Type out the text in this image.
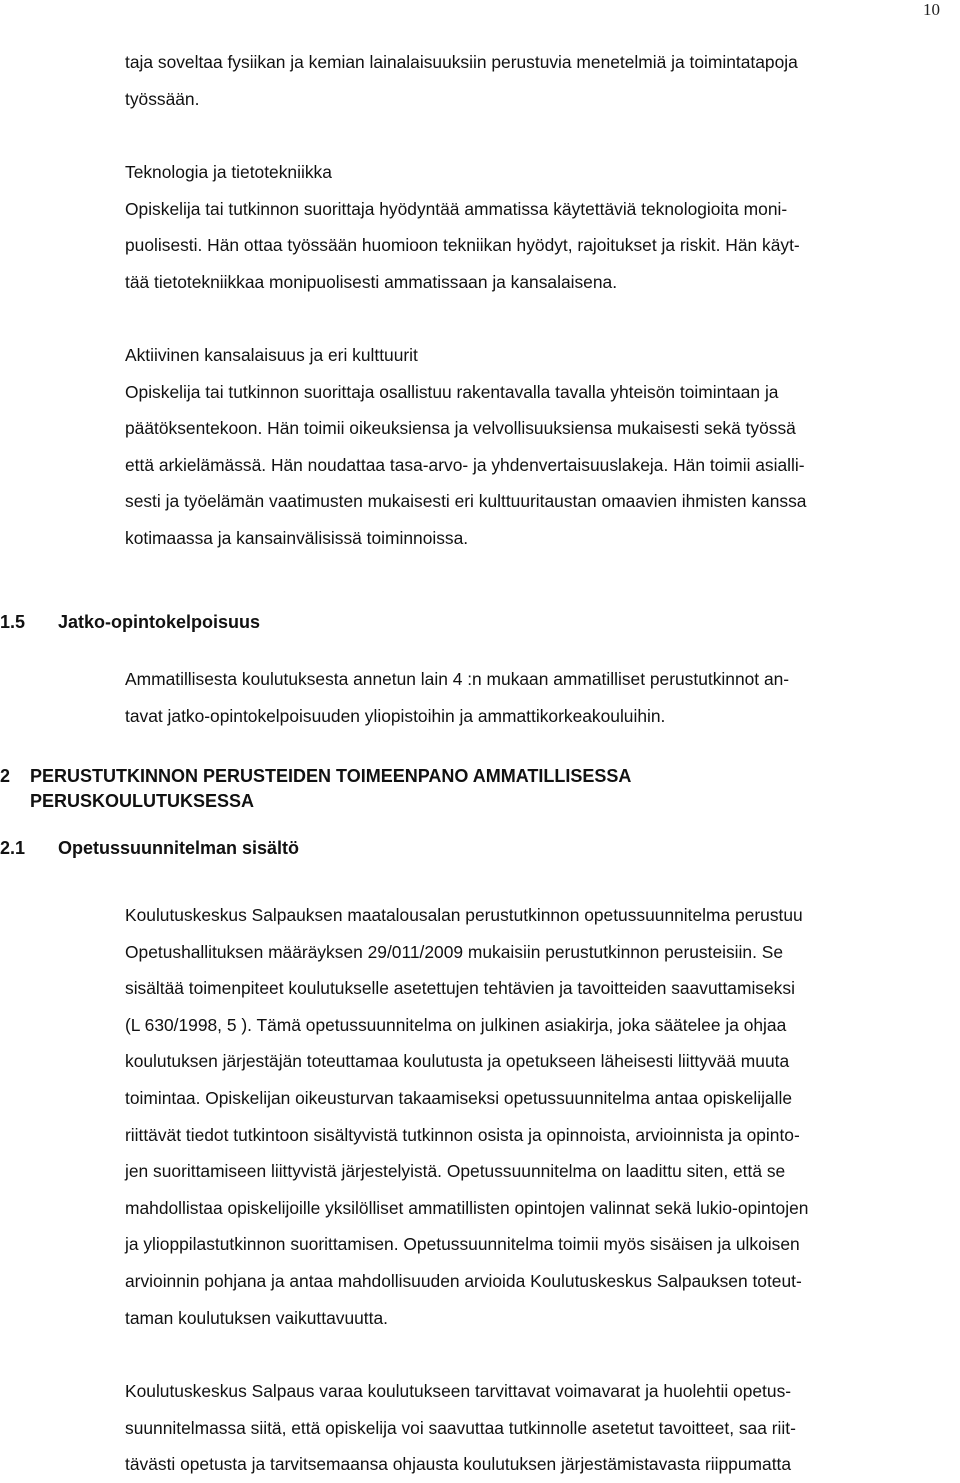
10
taja soveltaa fysiikan ja kemian lainalaisuuksiin perustuvia menetelmiä ja toimintatapoja
työssään.
Teknologia ja tietotekniikka
Opiskelija tai tutkinnon suorittaja hyödyntää ammatissa käytettäviä teknologioita moni-
puolisesti. Hän ottaa työssään huomioon tekniikan hyödyt, rajoitukset ja riskit. Hän käyt-
tää tietotekniikkaa monipuolisesti ammatissaan ja kansalaisena.
Aktiivinen kansalaisuus ja eri kulttuurit
Opiskelija tai tutkinnon suorittaja osallistuu rakentavalla tavalla yhteisön toimintaan ja
päätöksentekoon. Hän toimii oikeuksiensa ja velvollisuuksiensa mukaisesti sekä työssä
että arkielämässä. Hän noudattaa tasa-arvo- ja yhdenvertaisuuslakeja. Hän toimii asialli-
sesti ja työelämän vaatimusten mukaisesti eri kulttuuritaustan omaavien ihmisten kanssa
kotimaassa ja kansainvälisissä toiminnoissa.
1.5 Jatko-opintokelpoisuus
Ammatillisesta koulutuksesta annetun lain 4 :n mukaan ammatilliset perustutkinnot an-
tavat jatko-opintokelpoisuuden yliopistoihin ja ammattikorkeakouluihin.
2 PERUSTUTKINNON PERUSTEIDEN TOIMEENPANO AMMATILLISESSA
PERUSKOULUTUKSESSA
2.1 Opetussuunnitelman sisältö
Koulutuskeskus Salpauksen maatalousalan perustutkinnon opetussuunnitelma perustuu
Opetushallituksen määräyksen 29/011/2009 mukaisiin perustutkinnon perusteisiin. Se
sisältää toimenpiteet koulutukselle asetettujen tehtävien ja tavoitteiden saavuttamiseksi
(L 630/1998, 5 ). Tämä opetussuunnitelma on julkinen asiakirja, joka säätelee ja ohjaa
koulutuksen järjestäjän toteuttamaa koulutusta ja opetukseen läheisesti liittyvää muuta
toimintaa. Opiskelijan oikeusturvan takaamiseksi opetussuunnitelma antaa opiskelijalle
riittävät tiedot tutkintoon sisältyvistä tutkinnon osista ja opinnoista, arvioinnista ja opinto-
jen suorittamiseen liittyvistä järjestelyistä. Opetussuunnitelma on laadittu siten, että se
mahdollistaa opiskelijoille yksilölliset ammatillisten opintojen valinnat sekä lukio-opintojen
ja ylioppilastutkinnon suorittamisen. Opetussuunnitelma toimii myös sisäisen ja ulkoisen
arvioinnin pohjana ja antaa mahdollisuuden arvioida Koulutuskeskus Salpauksen toteut-
taman koulutuksen vaikuttavuutta.
Koulutuskeskus Salpaus varaa koulutukseen tarvittavat voimavarat ja huolehtii opetus-
suunnitelmassa siitä, että opiskelija voi saavuttaa tutkinnolle asetetut tavoitteet, saa riit-
tävästi opetusta ja tarvitsemaansa ohjausta koulutuksen järjestämistavasta riippumatta
